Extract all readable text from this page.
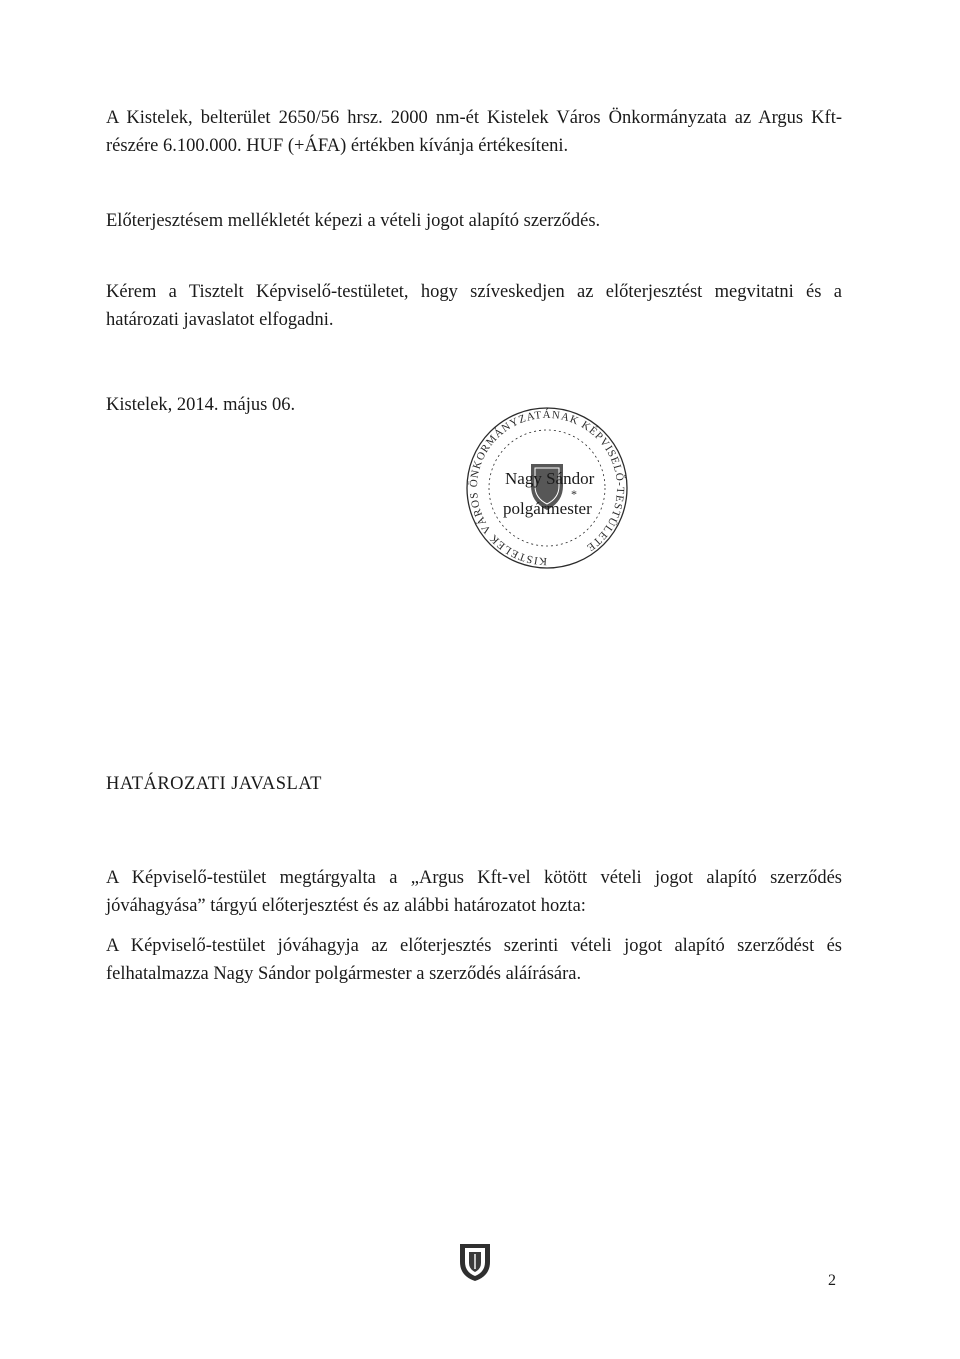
A Kistelek, belterület 2650/56 hrsz. 2000 nm-ét Kistelek Város Önkormányzata az Argus Kft-részére 6.100.000. HUF (+ÁFA) értékben kívánja értékesíteni.

Előterjesztésem mellékletét képezi a vételi jogot alapító szerződés.

Kérem a Tisztelt Képviselő-testületet, hogy szíveskedjen az előterjesztést megvitatni és a határozati javaslatot elfogadni.

Kistelek, 2014. május 06.
KISTELEK VÁROS ÖNKORMÁNYZATÁNAK KÉPVISELŐ-TESTÜLETE
*
Nagy Sándor
polgármester
HATÁROZATI JAVASLAT

A Képviselő-testület megtárgyalta a „Argus Kft-vel kötött vételi jogot alapító szerződés jóváhagyása” tárgyú előterjesztést és az alábbi határozatot hozta:

A Képviselő-testület jóváhagyja az előterjesztés szerinti vételi jogot alapító szerződést és felhatalmazza Nagy Sándor polgármester a szerződés aláírására.

2
